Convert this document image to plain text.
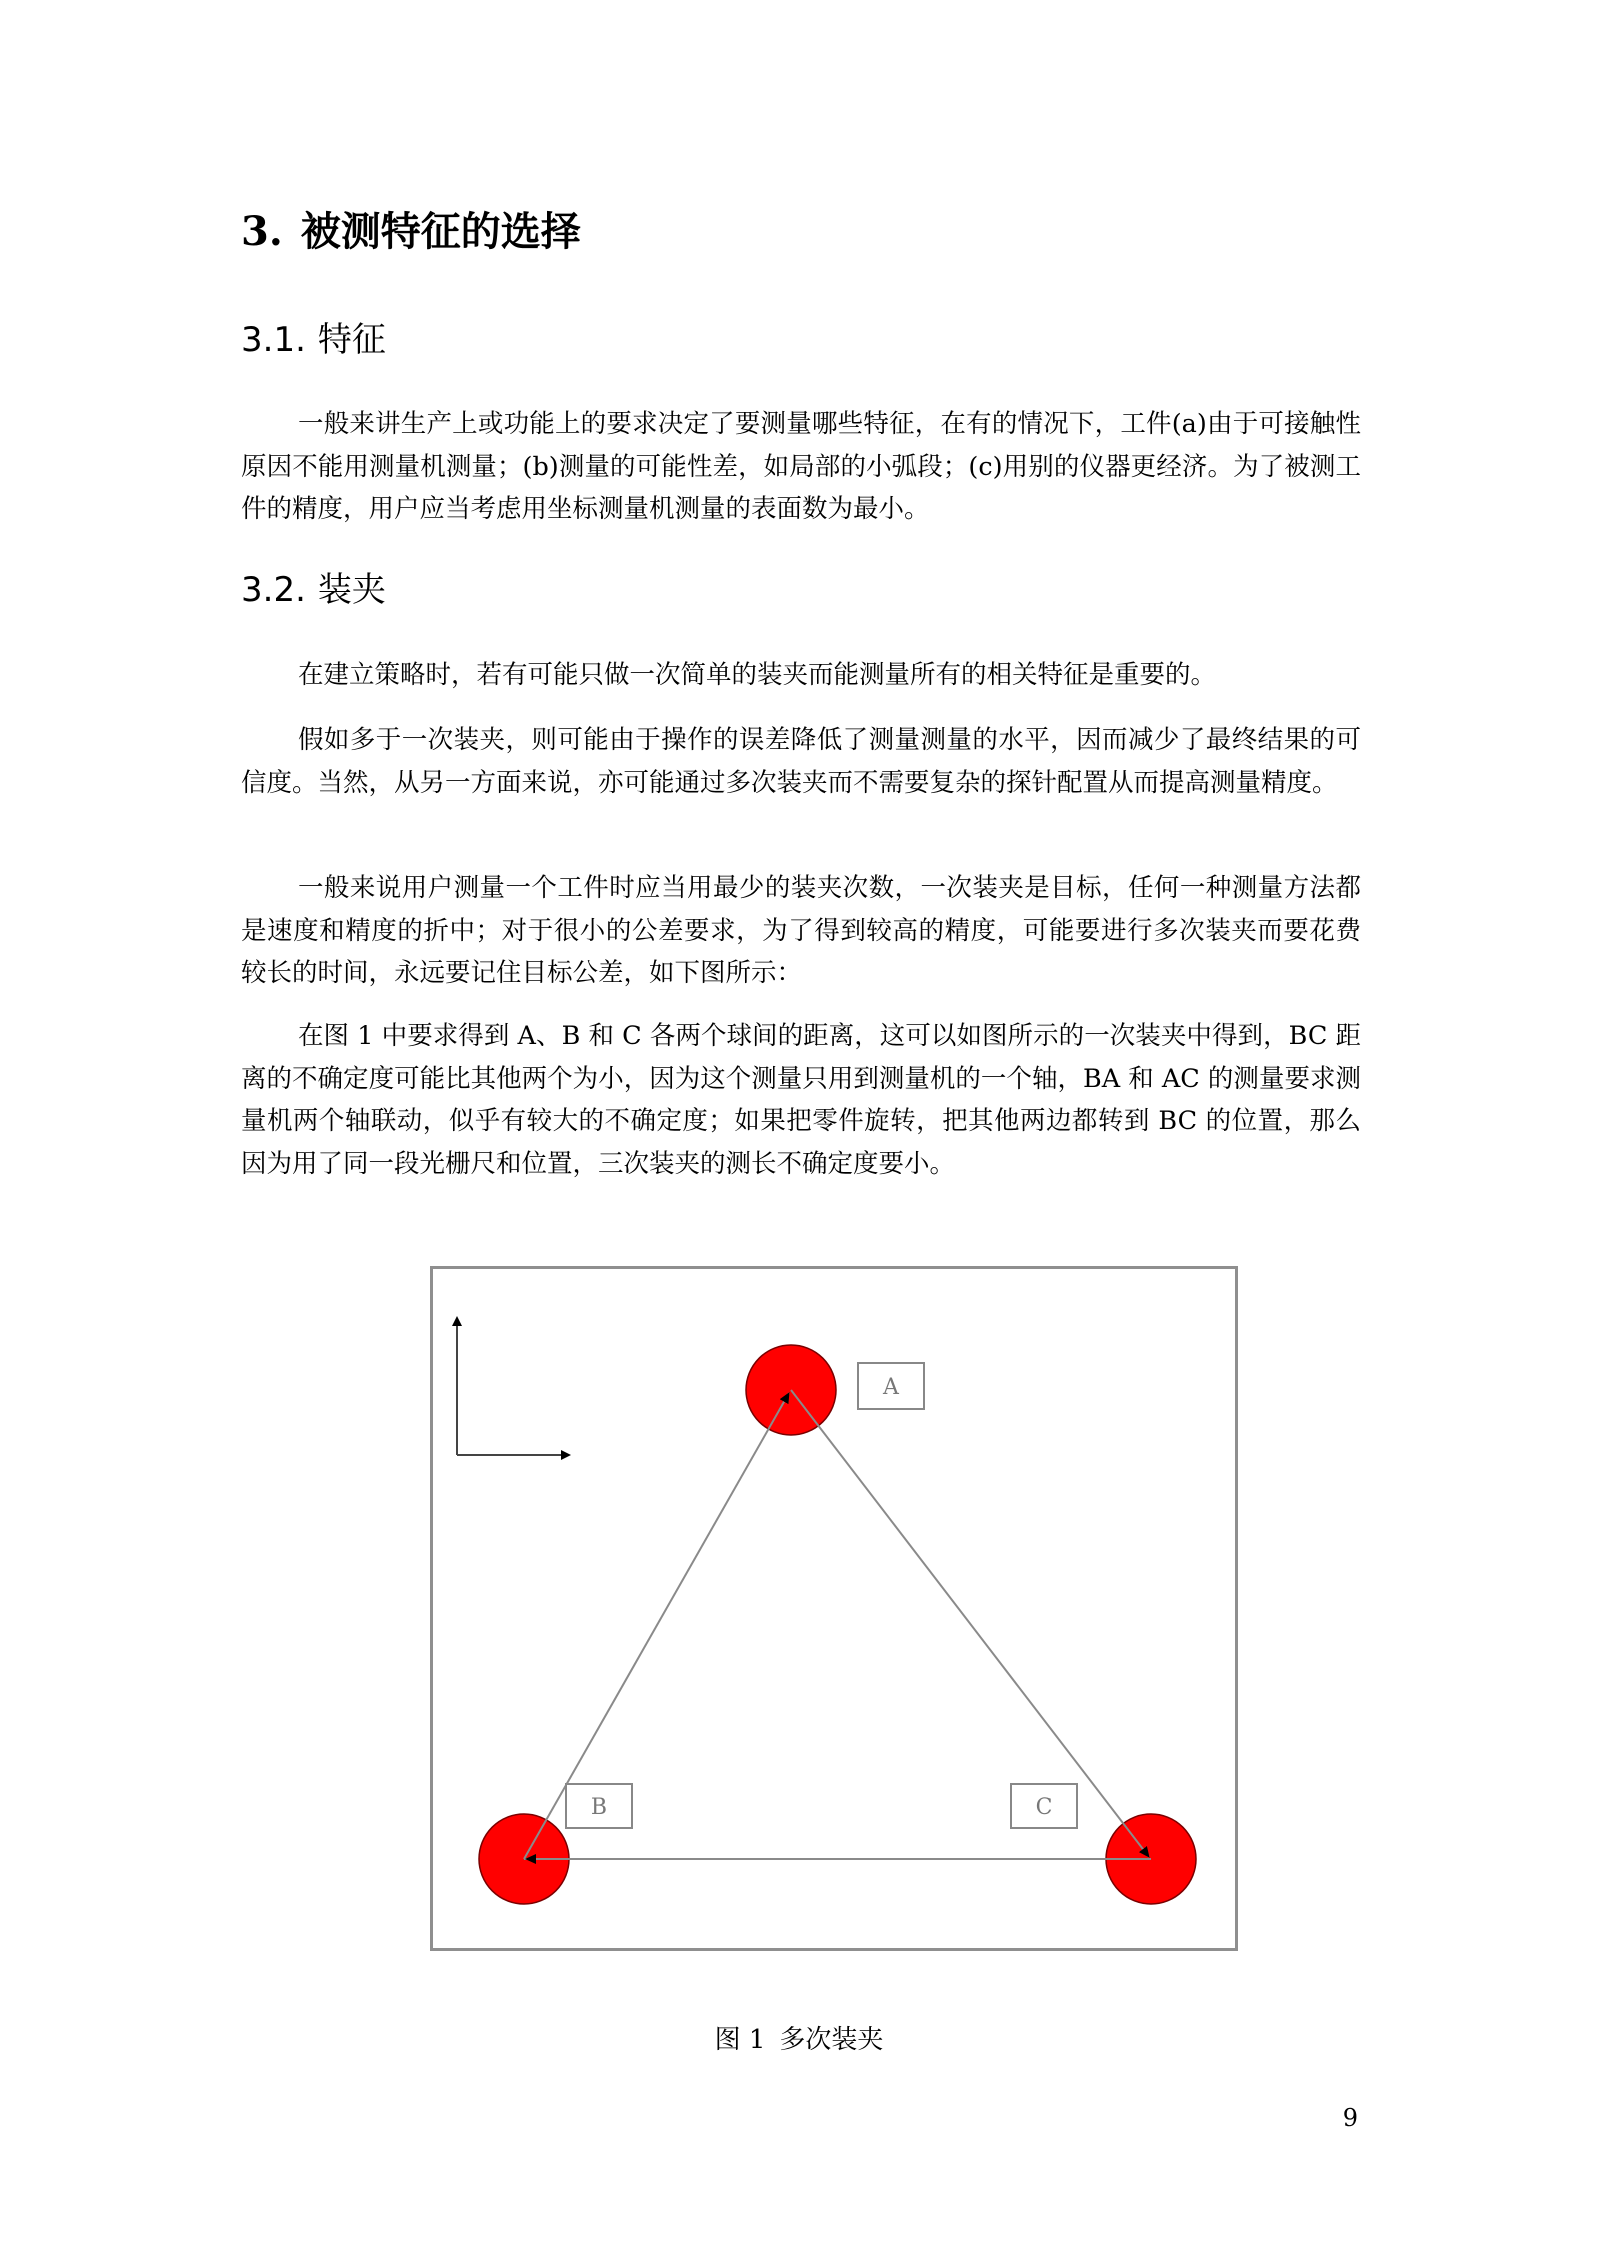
3. 被测特征的选择
3.1. 特征

一般来讲生产上或功能上的要求决定了要测量哪些特征，在有的情况下，工件(a)由于可接触性原因不能用测量机测量；(b)测量的可能性差，如局部的小弧段；(c)用别的仪器更经济。为了被测工件的精度，用户应当考虑用坐标测量机测量的表面数为最小。

3.2. 装夹

在建立策略时，若有可能只做一次简单的装夹而能测量所有的相关特征是重要的。

假如多于一次装夹，则可能由于操作的误差降低了测量测量的水平，因而减少了最终结果的可信度。当然，从另一方面来说，亦可能通过多次装夹而不需要复杂的探针配置从而提高测量精度。

一般来说用户测量一个工件时应当用最少的装夹次数，一次装夹是目标，任何一种测量方法都是速度和精度的折中；对于很小的公差要求，为了得到较高的精度，可能要进行多次装夹而要花费较长的时间，永远要记住目标公差，如下图所示：

在图 1 中要求得到 A、B 和 C 各两个球间的距离，这可以如图所示的一次装夹中得到，BC 距离的不确定度可能比其他两个为小，因为这个测量只用到测量机的一个轴，BA 和 AC 的测量要求测量机两个轴联动，似乎有较大的不确定度；如果把零件旋转，把其他两边都转到 BC 的位置，那么因为用了同一段光栅尺和位置，三次装夹的测长不确定度要小。

A
B	C
图 1 多次装夹
9
